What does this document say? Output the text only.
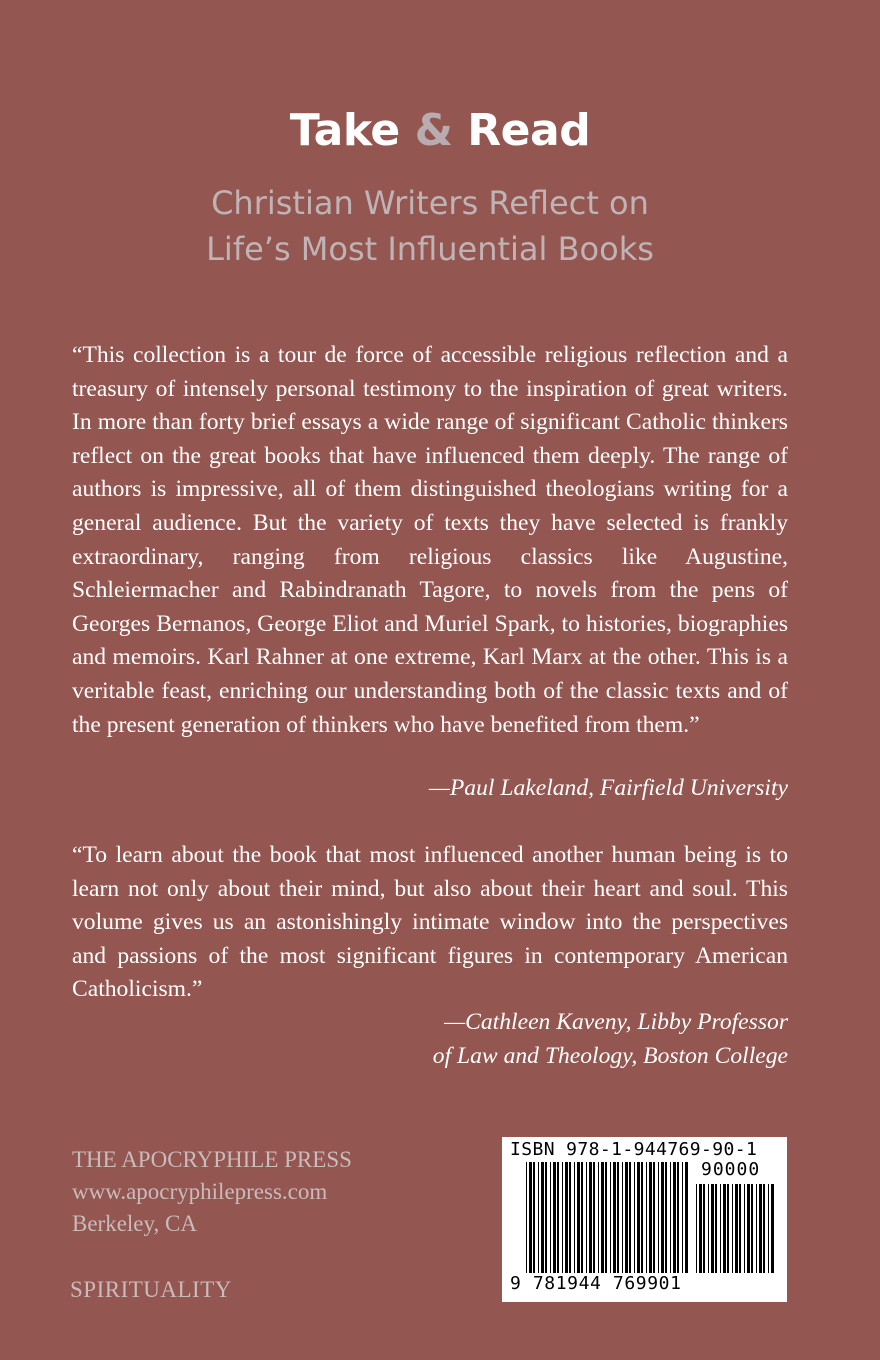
Take & Read
Christian Writers Reflect on
Life’s Most Influential Books
“This collection is a tour de force of accessible religious reflection and a treasury of intensely personal testimony to the inspiration of great writers. In more than forty brief essays a wide range of significant Catholic thinkers reflect on the great books that have influenced them deeply. The range of authors is impressive, all of them distinguished theologians writing for a general audience. But the variety of texts they have selected is frankly extraordinary, ranging from religious classics like Augustine, Schleiermacher and Rabindranath Tagore, to novels from the pens of Georges Bernanos, George Eliot and Muriel Spark, to histories, biographies and memoirs. Karl Rahner at one extreme, Karl Marx at the other. This is a veritable feast, enriching our understanding both of the classic texts and of the present generation of thinkers who have benefited from them.”
—Paul Lakeland, Fairfield University
“To learn about the book that most influenced another human being is to learn not only about their mind, but also about their heart and soul. This volume gives us an astonishingly intimate window into the perspectives and passions of the most significant figures in contemporary American Catholicism.”
—Cathleen Kaveny, Libby Professor
of Law and Theology, Boston College
THE APOCRYPHILE PRESS
www.apocryphilepress.com
Berkeley, CA
SPIRITUALITY
ISBN 978-1-944769-90-1
90000
9 781944 769901
